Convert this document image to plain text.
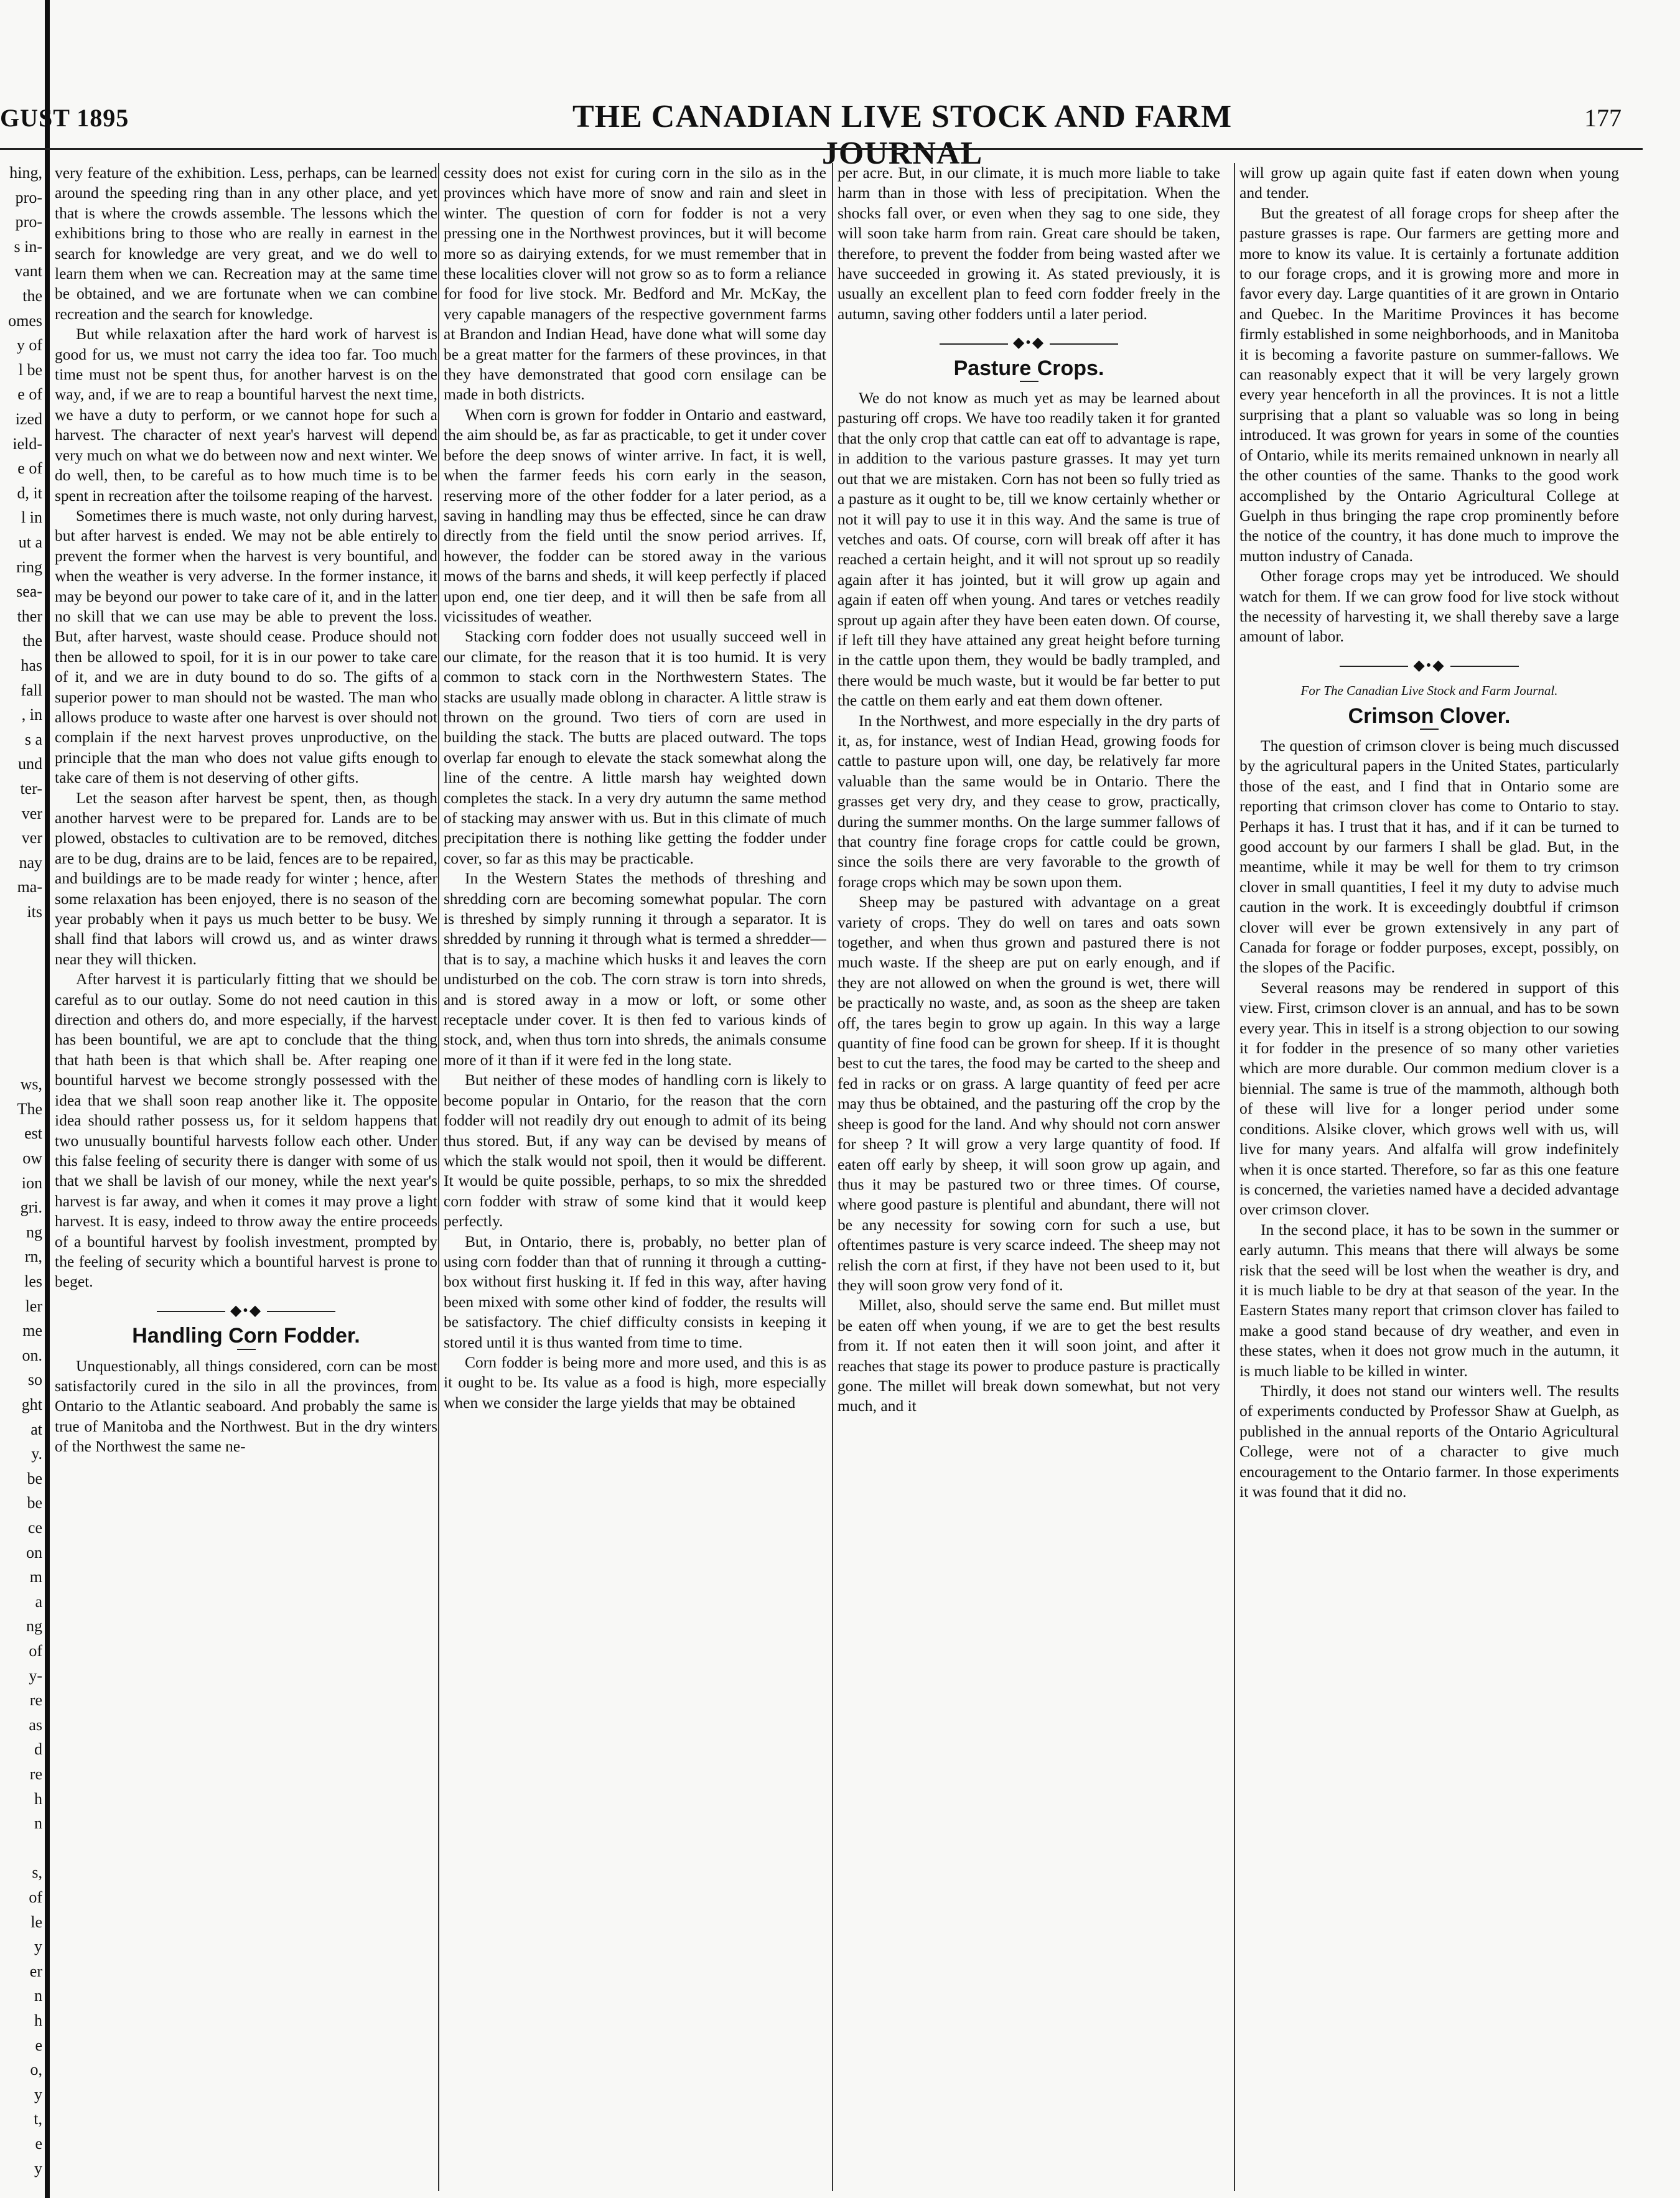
hing,
pro-
pro-
s in-
vant
the
omes
y of
l be
e of
ized
ield-
e of
d, it
l in
ut a
ring
sea-
ther
the
has
fall
, in
s a
und
ter-
ver
ver
nay
ma-
its
ws,
The
est
ow
ion
gri.
ng
rn,
les
ler
me
on.
so
ght
at
y.
be
be
ce
on
m
a
ng
of
y-
re
as
d
re
h
n
s,
of
le
y
er
n
h
e
o,
y
t,
e
y
GUST 1895	THE CANADIAN LIVE STOCK AND FARM JOURNAL
177

very feature of the exhibition. Less, perhaps, can be learned around the speeding ring than in any other place, and yet that is where the crowds assemble. The lessons which the exhibitions bring to those who are really in earnest in the search for knowledge are very great, and we do well to learn them when we can. Recreation may at the same time be obtained, and we are fortunate when we can combine recreation and the search for knowledge.

But while relaxation after the hard work of harvest is good for us, we must not carry the idea too far. Too much time must not be spent thus, for another harvest is on the way, and, if we are to reap a bountiful harvest the next time, we have a duty to perform, or we cannot hope for such a harvest. The character of next year's harvest will depend very much on what we do between now and next winter. We do well, then, to be careful as to how much time is to be spent in recreation after the toilsome reaping of the harvest.

Sometimes there is much waste, not only during harvest, but after harvest is ended. We may not be able entirely to prevent the former when the harvest is very bountiful, and when the weather is very adverse. In the former instance, it may be beyond our power to take care of it, and in the latter no skill that we can use may be able to prevent the loss. But, after harvest, waste should cease. Produce should not then be allowed to spoil, for it is in our power to take care of it, and we are in duty bound to do so. The gifts of a superior power to man should not be wasted. The man who allows produce to waste after one harvest is over should not complain if the next harvest proves unproductive, on the principle that the man who does not value gifts enough to take care of them is not deserving of other gifts.

Let the season after harvest be spent, then, as though another harvest were to be prepared for. Lands are to be plowed, obstacles to cultivation are to be removed, ditches are to be dug, drains are to be laid, fences are to be repaired, and buildings are to be made ready for winter ; hence, after some relaxation has been enjoyed, there is no season of the year probably when it pays us much better to be busy. We shall find that labors will crowd us, and as winter draws near they will thicken.

After harvest it is particularly fitting that we should be careful as to our outlay. Some do not need caution in this direction and others do, and more especially, if the harvest has been bountiful, we are apt to conclude that the thing that hath been is that which shall be. After reaping one bountiful harvest we become strongly possessed with the idea that we shall soon reap another like it. The opposite idea should rather possess us, for it seldom happens that two unusually bountiful harvests follow each other. Under this false feeling of security there is danger with some of us that we shall be lavish of our money, while the next year's harvest is far away, and when it comes it may prove a light harvest. It is easy, indeed to throw away the entire proceeds of a bountiful harvest by foolish investment, prompted by the feeling of security which a bountiful harvest is prone to beget.

◆•◆
Handling Corn Fodder.

Unquestionably, all things considered, corn can be most satisfactorily cured in the silo in all the provinces, from Ontario to the Atlantic seaboard. And probably the same is true of Manitoba and the Northwest. But in the dry winters of the Northwest the same ne-

cessity does not exist for curing corn in the silo as in the provinces which have more of snow and rain and sleet in winter. The question of corn for fodder is not a very pressing one in the Northwest provinces, but it will become more so as dairying extends, for we must remember that in these localities clover will not grow so as to form a reliance for food for live stock. Mr. Bedford and Mr. McKay, the very capable managers of the respective government farms at Brandon and Indian Head, have done what will some day be a great matter for the farmers of these provinces, in that they have demonstrated that good corn ensilage can be made in both districts.

When corn is grown for fodder in Ontario and eastward, the aim should be, as far as practicable, to get it under cover before the deep snows of winter arrive. In fact, it is well, when the farmer feeds his corn early in the season, reserving more of the other fodder for a later period, as a saving in handling may thus be effected, since he can draw directly from the field until the snow period arrives. If, however, the fodder can be stored away in the various mows of the barns and sheds, it will keep perfectly if placed upon end, one tier deep, and it will then be safe from all vicissitudes of weather.

Stacking corn fodder does not usually succeed well in our climate, for the reason that it is too humid. It is very common to stack corn in the Northwestern States. The stacks are usually made oblong in character. A little straw is thrown on the ground. Two tiers of corn are used in building the stack. The butts are placed outward. The tops overlap far enough to elevate the stack somewhat along the line of the centre. A little marsh hay weighted down completes the stack. In a very dry autumn the same method of stacking may answer with us. But in this climate of much precipitation there is nothing like getting the fodder under cover, so far as this may be practicable.

In the Western States the methods of threshing and shredding corn are becoming somewhat popular. The corn is threshed by simply running it through a separator. It is shredded by running it through what is termed a shredder—that is to say, a machine which husks it and leaves the corn undisturbed on the cob. The corn straw is torn into shreds, and is stored away in a mow or loft, or some other receptacle under cover. It is then fed to various kinds of stock, and, when thus torn into shreds, the animals consume more of it than if it were fed in the long state.

But neither of these modes of handling corn is likely to become popular in Ontario, for the reason that the corn fodder will not readily dry out enough to admit of its being thus stored. But, if any way can be devised by means of which the stalk would not spoil, then it would be different. It would be quite possible, perhaps, to so mix the shredded corn fodder with straw of some kind that it would keep perfectly.

But, in Ontario, there is, probably, no better plan of using corn fodder than that of running it through a cutting-box without first husking it. If fed in this way, after having been mixed with some other kind of fodder, the results will be satisfactory. The chief difficulty consists in keeping it stored until it is thus wanted from time to time.

Corn fodder is being more and more used, and this is as it ought to be. Its value as a food is high, more especially when we consider the large yields that may be obtained

per acre. But, in our climate, it is much more liable to take harm than in those with less of precipitation. When the shocks fall over, or even when they sag to one side, they will soon take harm from rain. Great care should be taken, therefore, to prevent the fodder from being wasted after we have succeeded in growing it. As stated previously, it is usually an excellent plan to feed corn fodder freely in the autumn, saving other fodders until a later period.

◆•◆
Pasture Crops.

We do not know as much yet as may be learned about pasturing off crops. We have too readily taken it for granted that the only crop that cattle can eat off to advantage is rape, in addition to the various pasture grasses. It may yet turn out that we are mistaken. Corn has not been so fully tried as a pasture as it ought to be, till we know certainly whether or not it will pay to use it in this way. And the same is true of vetches and oats. Of course, corn will break off after it has reached a certain height, and it will not sprout up so readily again after it has jointed, but it will grow up again and again if eaten off when young. And tares or vetches readily sprout up again after they have been eaten down. Of course, if left till they have attained any great height before turning in the cattle upon them, they would be badly trampled, and there would be much waste, but it would be far better to put the cattle on them early and eat them down oftener.

In the Northwest, and more especially in the dry parts of it, as, for instance, west of Indian Head, growing foods for cattle to pasture upon will, one day, be relatively far more valuable than the same would be in Ontario. There the grasses get very dry, and they cease to grow, practically, during the summer months. On the large summer fallows of that country fine forage crops for cattle could be grown, since the soils there are very favorable to the growth of forage crops which may be sown upon them.

Sheep may be pastured with advantage on a great variety of crops. They do well on tares and oats sown together, and when thus grown and pastured there is not much waste. If the sheep are put on early enough, and if they are not allowed on when the ground is wet, there will be practically no waste, and, as soon as the sheep are taken off, the tares begin to grow up again. In this way a large quantity of fine food can be grown for sheep. If it is thought best to cut the tares, the food may be carted to the sheep and fed in racks or on grass. A large quantity of feed per acre may thus be obtained, and the pasturing off the crop by the sheep is good for the land. And why should not corn answer for sheep ? It will grow a very large quantity of food. If eaten off early by sheep, it will soon grow up again, and thus it may be pastured two or three times. Of course, where good pasture is plentiful and abundant, there will not be any necessity for sowing corn for such a use, but oftentimes pasture is very scarce indeed. The sheep may not relish the corn at first, if they have not been used to it, but they will soon grow very fond of it.

Millet, also, should serve the same end. But millet must be eaten off when young, if we are to get the best results from it. If not eaten then it will soon joint, and after it reaches that stage its power to produce pasture is practically gone. The millet will break down somewhat, but not very much, and it

will grow up again quite fast if eaten down when young and tender.

But the greatest of all forage crops for sheep after the pasture grasses is rape. Our farmers are getting more and more to know its value. It is certainly a fortunate addition to our forage crops, and it is growing more and more in favor every day. Large quantities of it are grown in Ontario and Quebec. In the Maritime Provinces it has become firmly established in some neighborhoods, and in Manitoba it is becoming a favorite pasture on summer-fallows. We can reasonably expect that it will be very largely grown every year henceforth in all the provinces. It is not a little surprising that a plant so valuable was so long in being introduced. It was grown for years in some of the counties of Ontario, while its merits remained unknown in nearly all the other counties of the same. Thanks to the good work accomplished by the Ontario Agricultural College at Guelph in thus bringing the rape crop prominently before the notice of the country, it has done much to improve the mutton industry of Canada.

Other forage crops may yet be introduced. We should watch for them. If we can grow food for live stock without the necessity of harvesting it, we shall thereby save a large amount of labor.

◆•◆
For The Canadian Live Stock and Farm Journal.
Crimson Clover.

The question of crimson clover is being much discussed by the agricultural papers in the United States, particularly those of the east, and I find that in Ontario some are reporting that crimson clover has come to Ontario to stay. Perhaps it has. I trust that it has, and if it can be turned to good account by our farmers I shall be glad. But, in the meantime, while it may be well for them to try crimson clover in small quantities, I feel it my duty to advise much caution in the work. It is exceedingly doubtful if crimson clover will ever be grown extensively in any part of Canada for forage or fodder purposes, except, possibly, on the slopes of the Pacific.

Several reasons may be rendered in support of this view. First, crimson clover is an annual, and has to be sown every year. This in itself is a strong objection to our sowing it for fodder in the presence of so many other varieties which are more durable. Our common medium clover is a biennial. The same is true of the mammoth, although both of these will live for a longer period under some conditions. Alsike clover, which grows well with us, will live for many years. And alfalfa will grow indefinitely when it is once started. Therefore, so far as this one feature is concerned, the varieties named have a decided advantage over crimson clover.

In the second place, it has to be sown in the summer or early autumn. This means that there will always be some risk that the seed will be lost when the weather is dry, and it is much liable to be dry at that season of the year. In the Eastern States many report that crimson clover has failed to make a good stand because of dry weather, and even in these states, when it does not grow much in the autumn, it is much liable to be killed in winter.

Thirdly, it does not stand our winters well. The results of experiments conducted by Professor Shaw at Guelph, as published in the annual reports of the Ontario Agricultural College, were not of a character to give much encouragement to the Ontario farmer. In those experiments it was found that it did no.
